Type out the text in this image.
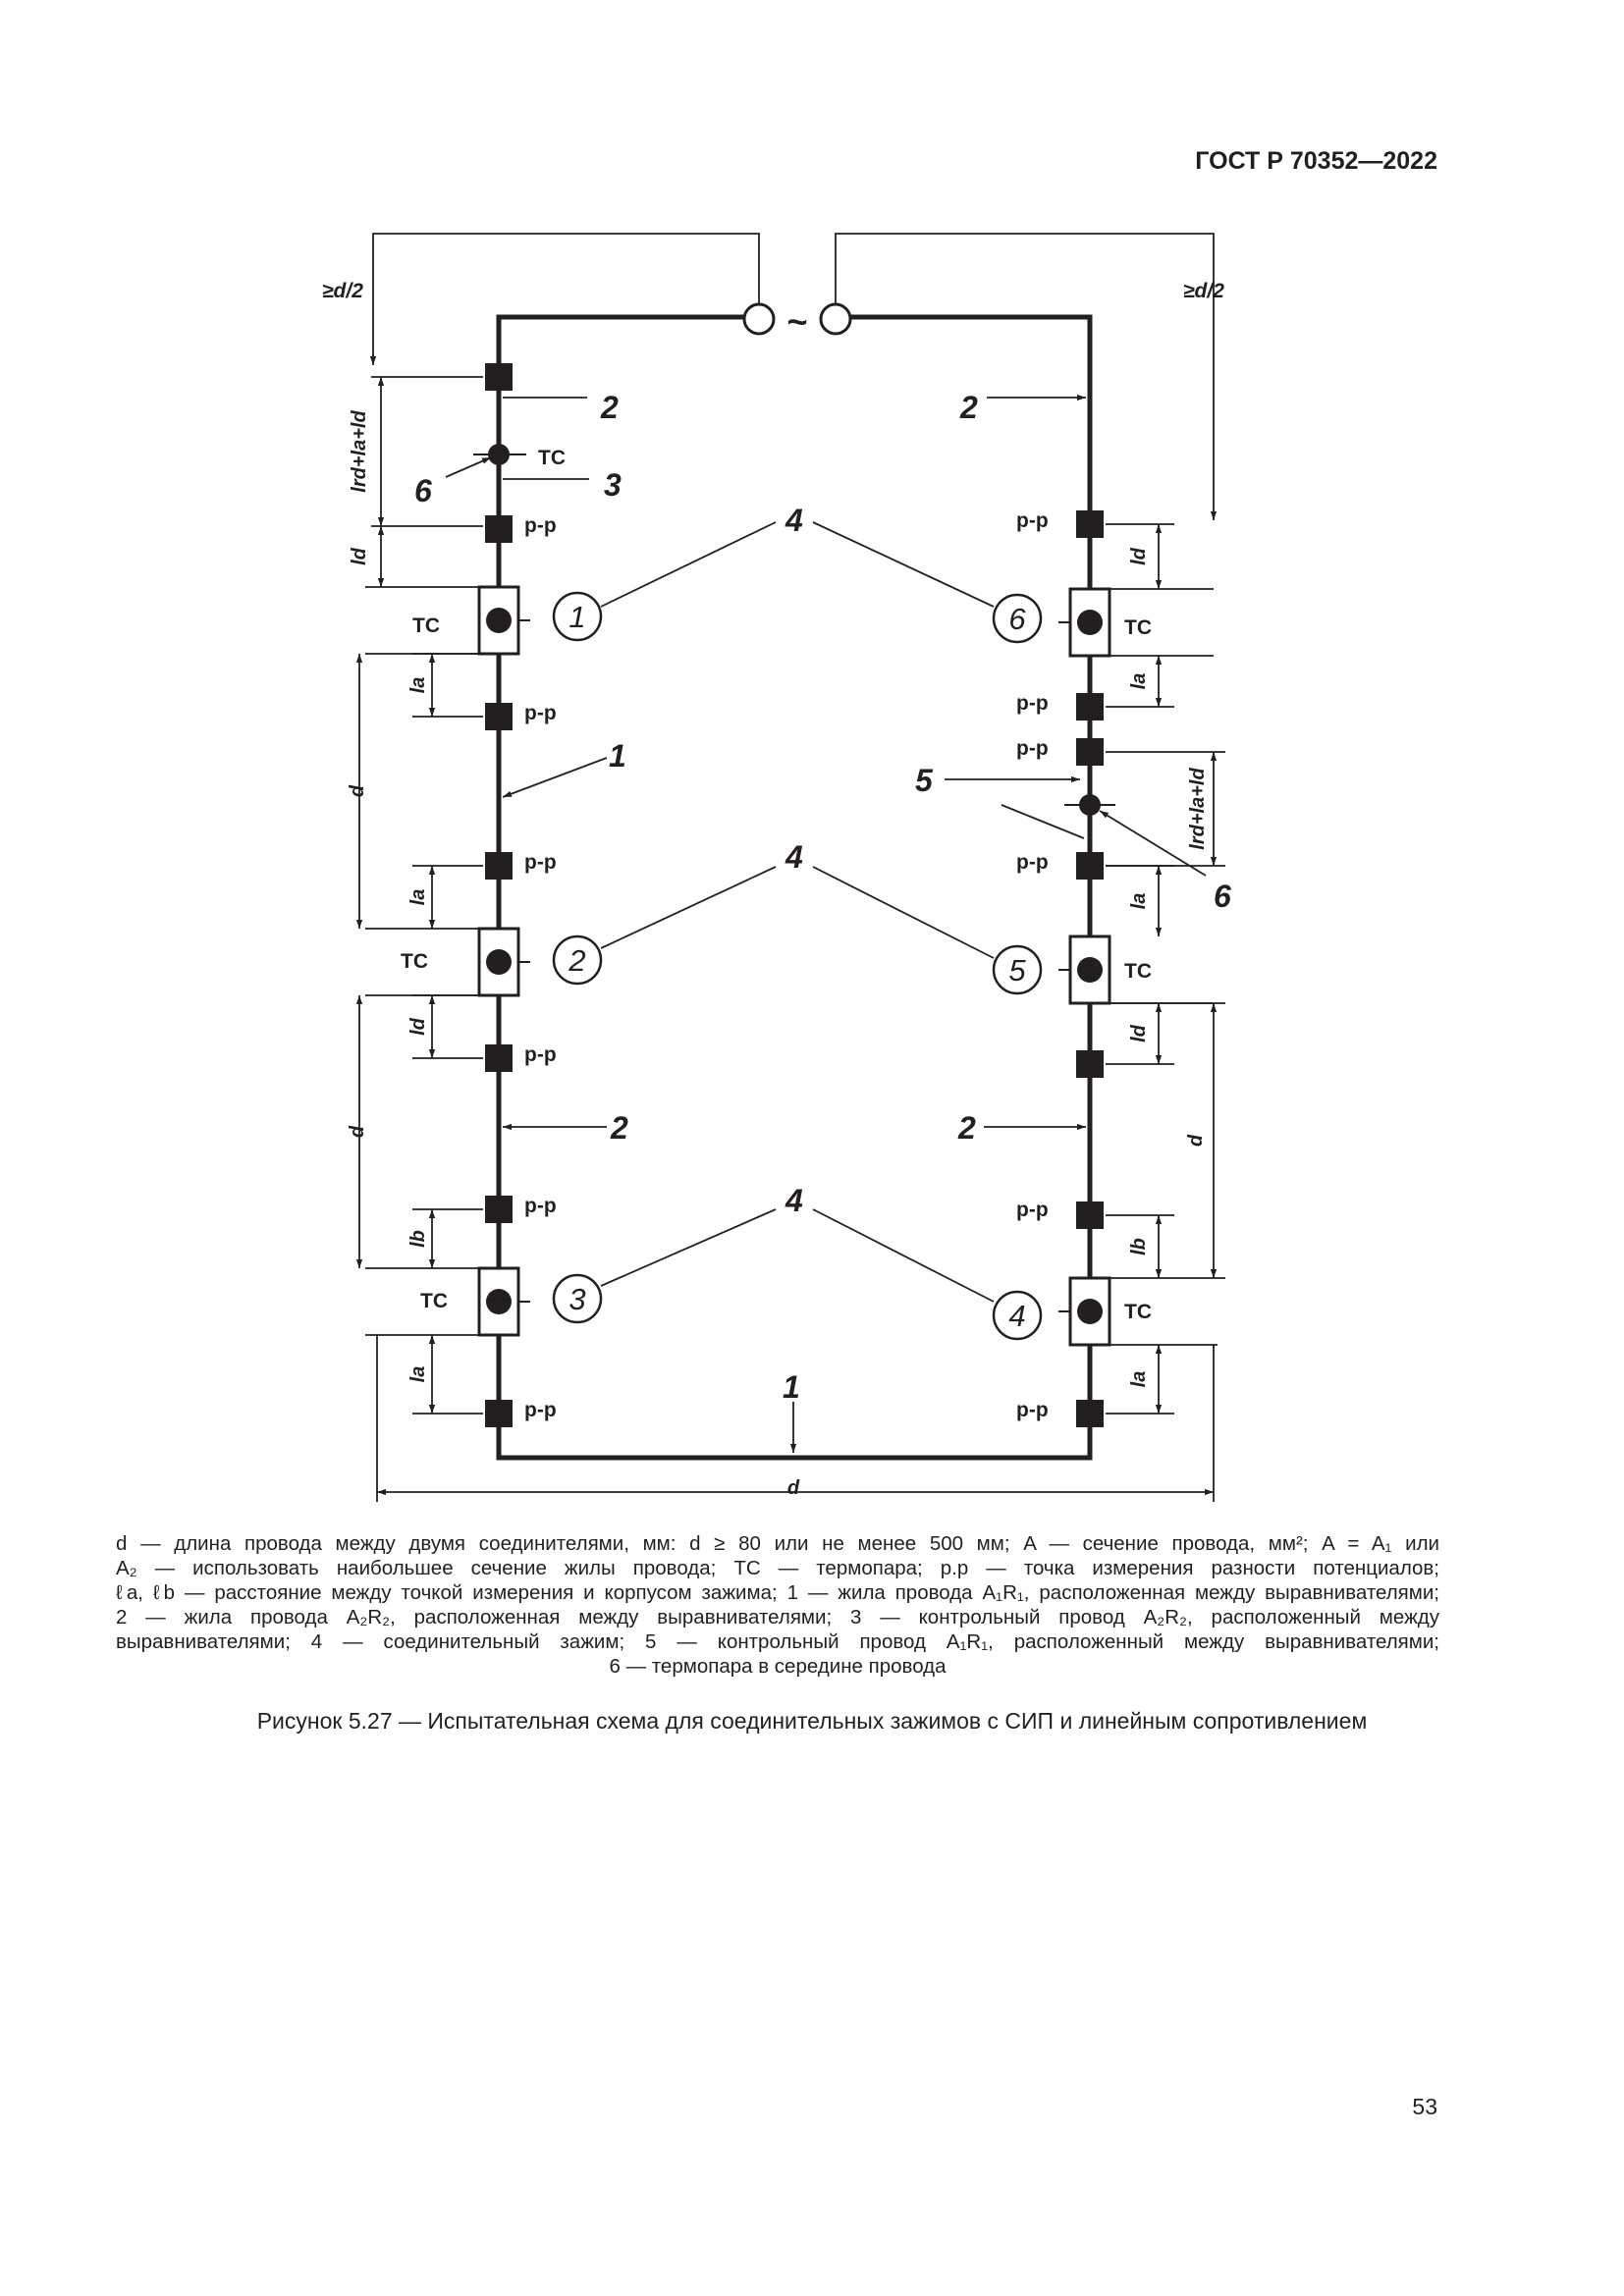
ГОСТ Р 70352—2022
~
≥d/2	≥d/2
p-p
p-p
p-p
p-p
p-p
p-p
p-p
p-p
p-p
p-p
p-p
p-p
ТС
ТС
ТС
ТС
ТС
ТС
ТС
1
2
3	4
5
6
4
4
4
2
3
2
1
2	2
1
6
5
6
lrd+la+ld
ld
d
la
la
d
ld
lb
la
d
ld
la
lrd+la+ld
la
ld
d
lb
la
d — длина провода между двумя соединителями, мм: d ≥ 80 или не менее 500 мм; A — сечение провода, мм²; A = A₁ или
A₂ — использовать наибольшее сечение жилы провода; ТС — термопара; р.р — точка измерения разности потенциалов;
ℓa, ℓb — расстояние между точкой измерения и корпусом зажима; 1 — жила провода A₁R₁, расположенная между выравнивателями;
2 — жила провода A₂R₂, расположенная между выравнивателями; 3 — контрольный провод A₂R₂, расположенный между
выравнивателями; 4 — соединительный зажим; 5 — контрольный провод A₁R₁, расположенный между выравнивателями;
6 — термопара в середине провода
Рисунок 5.27 — Испытательная схема для соединительных зажимов с СИП и линейным сопротивлением
53
